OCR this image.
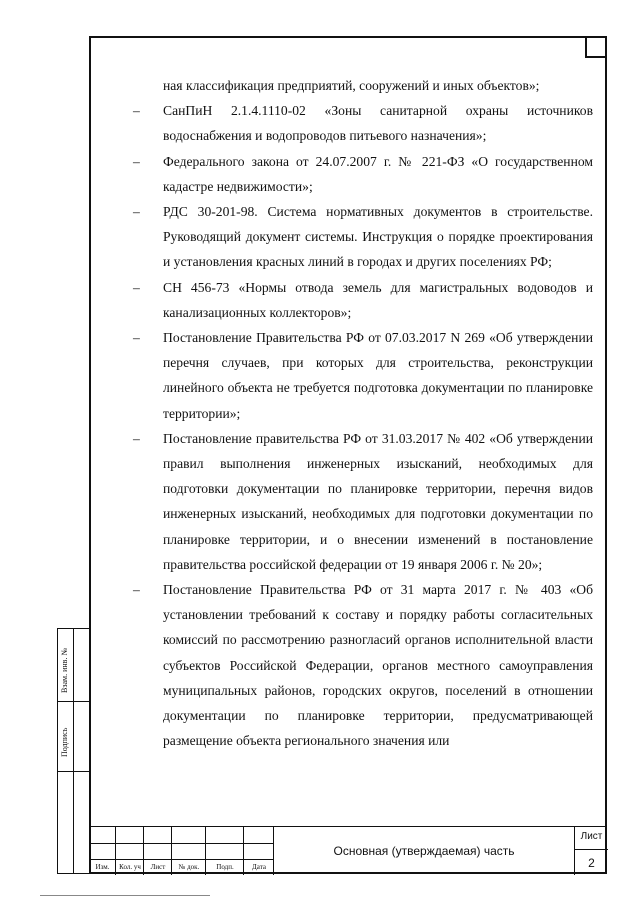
ная классификация предприятий, сооружений и иных объектов»;

–	СанПиН 2.1.4.1110-02 «Зоны санитарной охраны источников водоснабжения и водопроводов питьевого назначения»;

–	Федерального закона от 24.07.2007 г. № 221-ФЗ «О государственном кадастре недвижимости»;

–	РДС 30-201-98. Система нормативных документов в строительстве. Руководящий документ системы. Инструкция о порядке проектирования и установления красных линий в городах и других поселениях РФ;

–	СН 456-73 «Нормы отвода земель для магистральных водоводов и канализационных коллекторов»;

–	Постановление Правительства РФ от 07.03.2017 N 269 «Об утверждении перечня случаев, при которых для строительства, реконструкции линейного объекта не требуется подготовка документации по планировке территории»;

–	Постановление правительства РФ от 31.03.2017 № 402 «Об утверждении правил выполнения инженерных изысканий, необходимых для подготовки документации по планировке территории, перечня видов инженерных изысканий, необходимых для подготовки документации по планировке территории, и о внесении изменений в постановление правительства российской федерации от 19 января 2006 г. № 20»;

–	Постановление Правительства РФ от 31 марта 2017 г. № 403 «Об установлении требований к составу и порядку работы согласительных комиссий по рассмотрению разногласий органов исполнительной власти субъектов Российской Федерации, органов местного самоуправления муниципальных районов, городских округов, поселений в отношении документации по планировке территории, предусматривающей размещение объекта регионального значения или

Взам. инв. №
Подпись
Изм.	Кол. уч	Лист	№ док.	Подп.	Дата
Основная (утверждаемая) часть
Лист
2
